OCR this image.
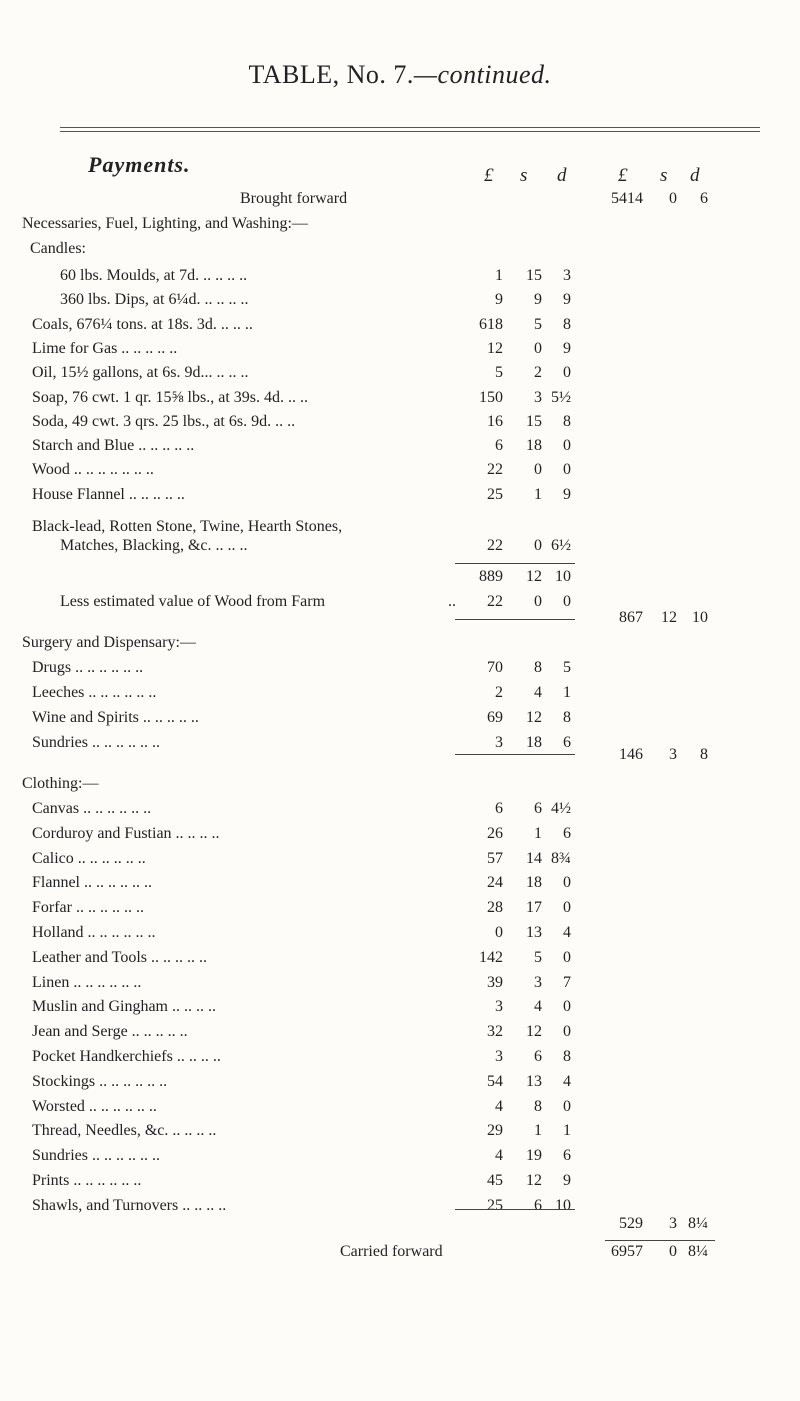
TABLE, No. 7.—continued.
Payments.	£ s d	£ s d
Brought forward	5414	0	6
Necessaries, Fuel, Lighting, and Washing:—
Candles:
60 lbs. Moulds, at 7d. .. .. .. ..	1	15	3
360 lbs. Dips, at 6¼d. .. .. .. ..	9	9	9
Coals, 676¼ tons. at 18s. 3d. .. .. ..	618	5	8
Lime for Gas .. .. .. .. ..	12	0	9
Oil, 15½ gallons, at 6s. 9d... .. .. ..	5	2	0
Soap, 76 cwt. 1 qr. 15⅝ lbs., at 39s. 4d. .. ..	150	3 5½
Soda, 49 cwt. 3 qrs. 25 lbs., at 6s. 9d. .. ..	16	15	8
Starch and Blue .. .. .. .. ..	6	18	0
Wood .. .. .. .. .. .. ..	22	0	0
House Flannel .. .. .. .. ..	25	1	9
Black-lead, Rotten Stone, Twine, Hearth Stones,
Matches, Blacking, &c. .. .. ..	22	0 6½
889	12 10
Less estimated value of Wood from Farm	..	22	0	0
867	12 10
Surgery and Dispensary:—
Drugs .. .. .. .. .. ..	70	8	5
Leeches .. .. .. .. .. ..	2	4	1
Wine and Spirits .. .. .. .. ..	69	12	8
Sundries .. .. .. .. .. ..	3	18	6
146	3	8
Clothing:—
Canvas .. .. .. .. .. ..	6	6 4½
Corduroy and Fustian .. .. .. ..	26	1	6
Calico .. .. .. .. .. ..	57	14 8¾
Flannel .. .. .. .. .. ..	24	18	0
Forfar .. .. .. .. .. ..	28	17	0
Holland .. .. .. .. .. ..	0	13	4
Leather and Tools .. .. .. .. ..	142	5	0
Linen .. .. .. .. .. ..	39	3	7
Muslin and Gingham .. .. .. ..	3	4	0
Jean and Serge .. .. .. .. ..	32	12	0
Pocket Handkerchiefs .. .. .. ..	3	6	8
Stockings .. .. .. .. .. ..	54	13	4
Worsted .. .. .. .. .. ..	4	8	0
Thread, Needles, &c. .. .. .. ..	29	1	1
Sundries .. .. .. .. .. ..	4	19	6
Prints .. .. .. .. .. ..	45	12	9
Shawls, and Turnovers .. .. .. ..	25	6 10
529	3 8¼
Carried forward	6957	0 8¼
